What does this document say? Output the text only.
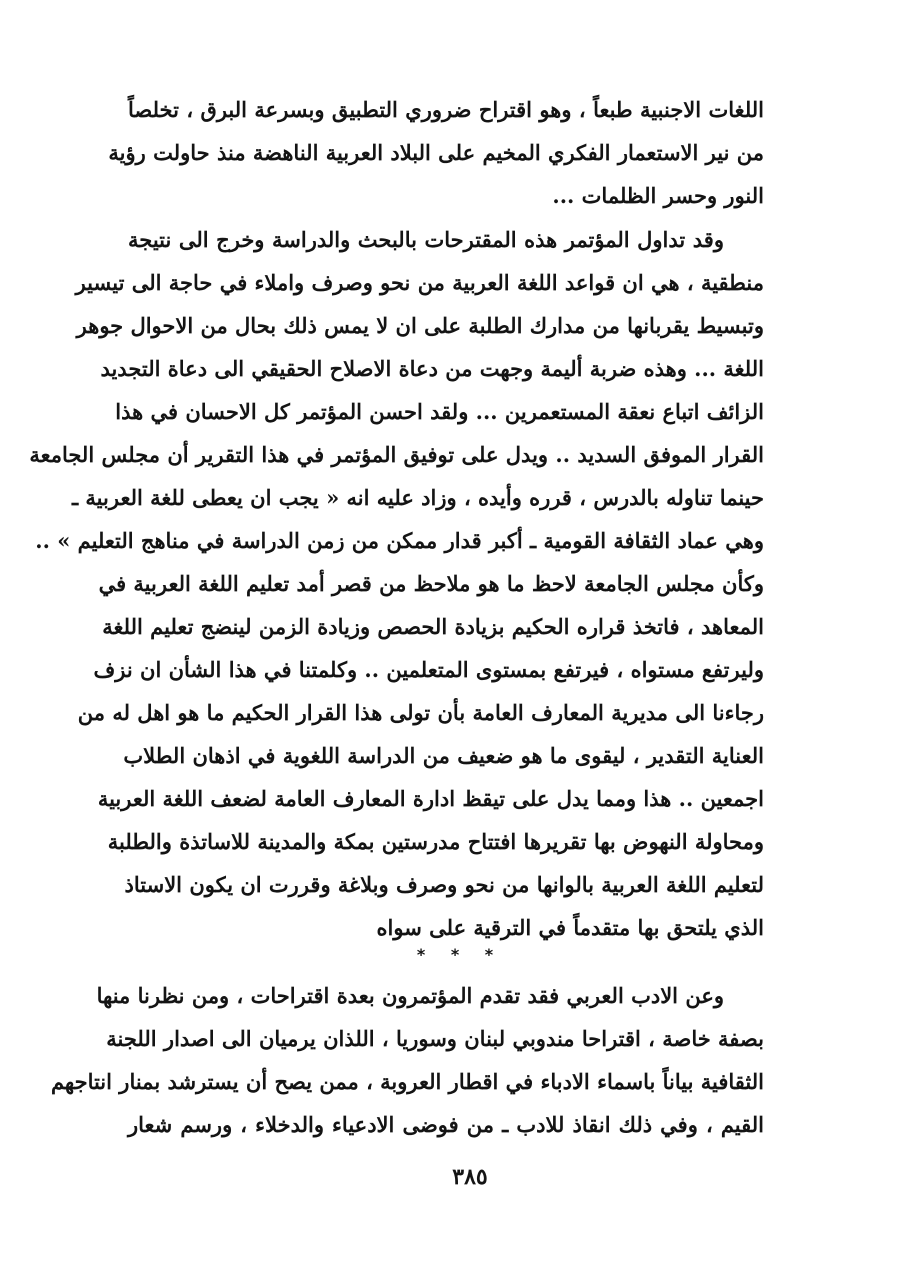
اللغات الاجنبية طبعاً ، وهو اقتراح ضروري التطبيق وبسرعة البرق ، تخلصاً
من نير الاستعمار الفكري المخيم على البلاد العربية الناهضة منذ حاولت رؤية
النور وحسر الظلمات ...
وقد تداول المؤتمر هذه المقترحات بالبحث والدراسة وخرج الى نتيجة
منطقية ، هي ان قواعد اللغة العربية من نحو وصرف واملاء في حاجة الى تيسير
وتبسيط يقربانها من مدارك الطلبة على ان لا يمس ذلك بحال من الاحوال جوهر
اللغة ... وهذه ضربة أليمة وجهت من دعاة الاصلاح الحقيقي الى دعاة التجديد
الزائف اتباع نعقة المستعمرين ... ولقد احسن المؤتمر كل الاحسان في هذا
القرار الموفق السديد .. ويدل على توفيق المؤتمر في هذا التقرير أن مجلس الجامعة
حينما تناوله بالدرس ، قرره وأيده ، وزاد عليه انه « يجب ان يعطى للغة العربية ـ
وهي عماد الثقافة القومية ـ أكبر قدار ممكن من زمن الدراسة في مناهج التعليم » ..
وكأن مجلس الجامعة لاحظ ما هو ملاحظ من قصر أمد تعليم اللغة العربية في
المعاهد ، فاتخذ قراره الحكيم بزيادة الحصص وزيادة الزمن لينضج تعليم اللغة
وليرتفع مستواه ، فيرتفع بمستوى المتعلمين .. وكلمتنا في هذا الشأن ان نزف
رجاءنا الى مديرية المعارف العامة بأن تولى هذا القرار الحكيم ما هو اهل له من
العناية التقدير ، ليقوى ما هو ضعيف من الدراسة اللغوية في اذهان الطلاب
اجمعين .. هذا ومما يدل على تيقظ ادارة المعارف العامة لضعف اللغة العربية
ومحاولة النهوض بها تقريرها افتتاح مدرستين بمكة والمدينة للاساتذة والطلبة
لتعليم اللغة العربية بالوانها من نحو وصرف وبلاغة وقررت ان يكون الاستاذ
الذي يلتحق بها متقدماً في الترقية على سواه
* * *
وعن الادب العربي فقد تقدم المؤتمرون بعدة اقتراحات ، ومن نظرنا منها
بصفة خاصة ، اقتراحا مندوبي لبنان وسوريا ، اللذان يرميان الى اصدار اللجنة
الثقافية بياناً باسماء الادباء في اقطار العروبة ، ممن يصح أن يسترشد بمنار انتاجهم
القيم ، وفي ذلك انقاذ للادب ـ من فوضى الادعياء والدخلاء ، ورسم شعار
٣٨٥
